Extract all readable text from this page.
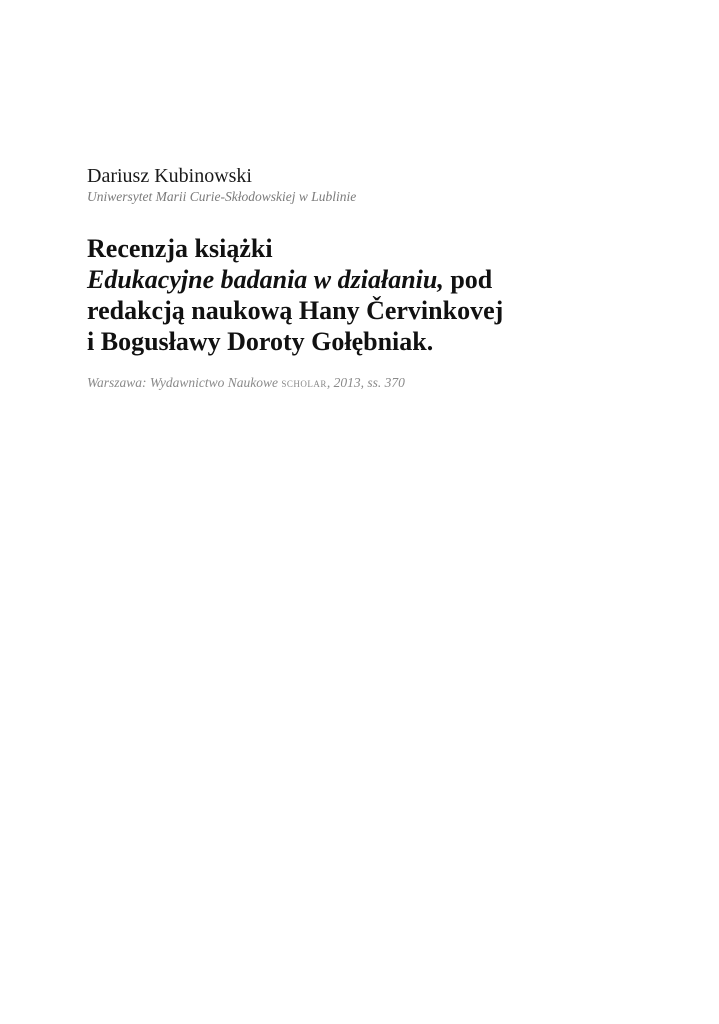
Dariusz Kubinowski
Uniwersytet Marii Curie-Skłodowskiej w Lublinie
Recenzja książki
Edukacyjne badania w działaniu, pod
redakcją naukową Hany Červinkovej
i Bogusławy Doroty Gołębniak.
Warszawa: Wydawnictwo Naukowe scholar, 2013, ss. 370
